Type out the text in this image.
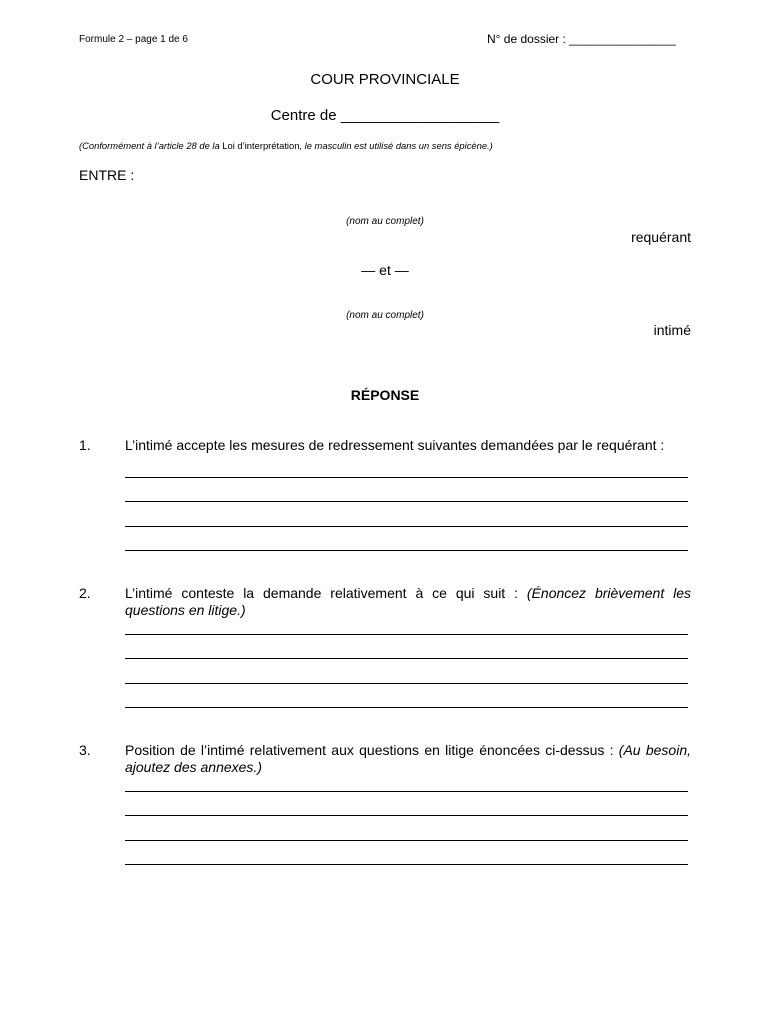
Formule 2 – page 1 de 6	N° de dossier : ________________
COUR PROVINCIALE
Centre de ___________________
(Conformément à l’article 28 de la Loi d’interprétation, le masculin est utilisé dans un sens épicène.)
ENTRE :
(nom au complet)
requérant
— et —
(nom au complet)
intimé
RÉPONSE
1. L’intimé accepte les mesures de redressement suivantes demandées par le requérant :
2. L’intimé conteste la demande relativement à ce qui suit : (Énoncez brièvement les questions en litige.)
3. Position de l’intimé relativement aux questions en litige énoncées ci-dessus : (Au besoin, ajoutez des annexes.)
